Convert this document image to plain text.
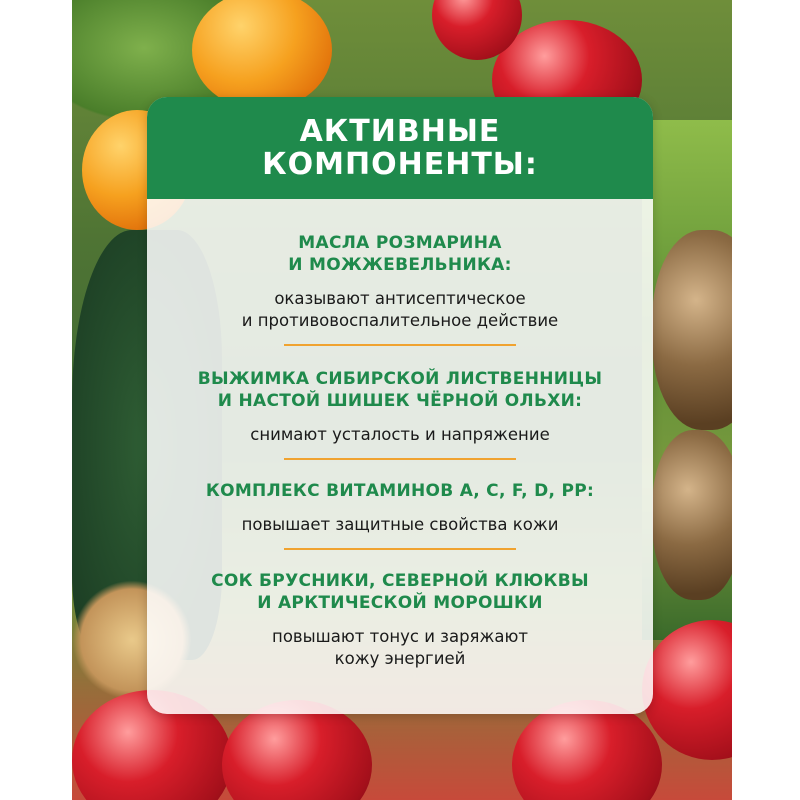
АКТИВНЫЕ
КОМПОНЕНТЫ:
МАСЛА РОЗМАРИНА
И МОЖЖЕВЕЛЬНИКА:
оказывают антисептическое
и противовоспалительное действие
ВЫЖИМКА СИБИРСКОЙ ЛИСТВЕННИЦЫ
И НАСТОЙ ШИШЕК ЧЁРНОЙ ОЛЬХИ:
снимают усталость и напряжение
КОМПЛЕКС ВИТАМИНОВ А, C, F, D, PP:
повышает защитные свойства кожи
СОК БРУСНИКИ, СЕВЕРНОЙ КЛЮКВЫ
И АРКТИЧЕСКОЙ МОРОШКИ
повышают тонус и заряжают
кожу энергией
